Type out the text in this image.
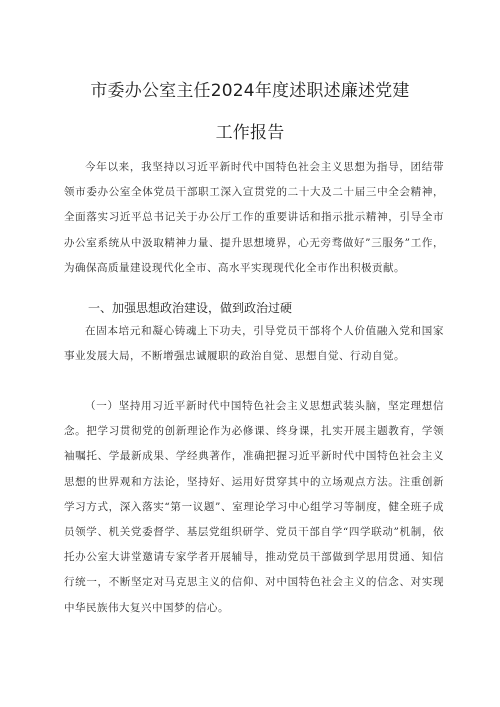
市委办公室主任2024年度述职述廉述党建
工作报告

今年以来，我坚持以习近平新时代中国特色社会主义思想为指导，团结带领市委办公室全体党员干部职工深入宣贯党的二十大及二十届三中全会精神，全面落实习近平总书记关于办公厅工作的重要讲话和指示批示精神，引导全市办公室系统从中汲取精神力量、提升思想境界，心无旁骛做好”三服务”工作，为确保高质量建设现代化全市、高水平实现现代化全市作出积极贡献。

一、加强思想政治建设，做到政治过硬

在固本培元和凝心铸魂上下功夫，引导党员干部将个人价值融入党和国家事业发展大局，不断增强忠诚履职的政治自觉、思想自觉、行动自觉。

（一）坚持用习近平新时代中国特色社会主义思想武装头脑，坚定理想信念。把学习贯彻党的创新理论作为必修课、终身课，扎实开展主题教育，学领袖嘱托、学最新成果、学经典著作，准确把握习近平新时代中国特色社会主义思想的世界观和方法论，坚持好、运用好贯穿其中的立场观点方法。注重创新学习方式，深入落实“第一议题”、室理论学习中心组学习等制度，健全班子成员领学、机关党委督学、基层党组织研学、党员干部自学“四学联动”机制，依托办公室大讲堂邀请专家学者开展辅导，推动党员干部做到学思用贯通、知信行统一，不断坚定对马克思主义的信仰、对中国特色社会主义的信念、对实现中华民族伟大复兴中国梦的信心。
